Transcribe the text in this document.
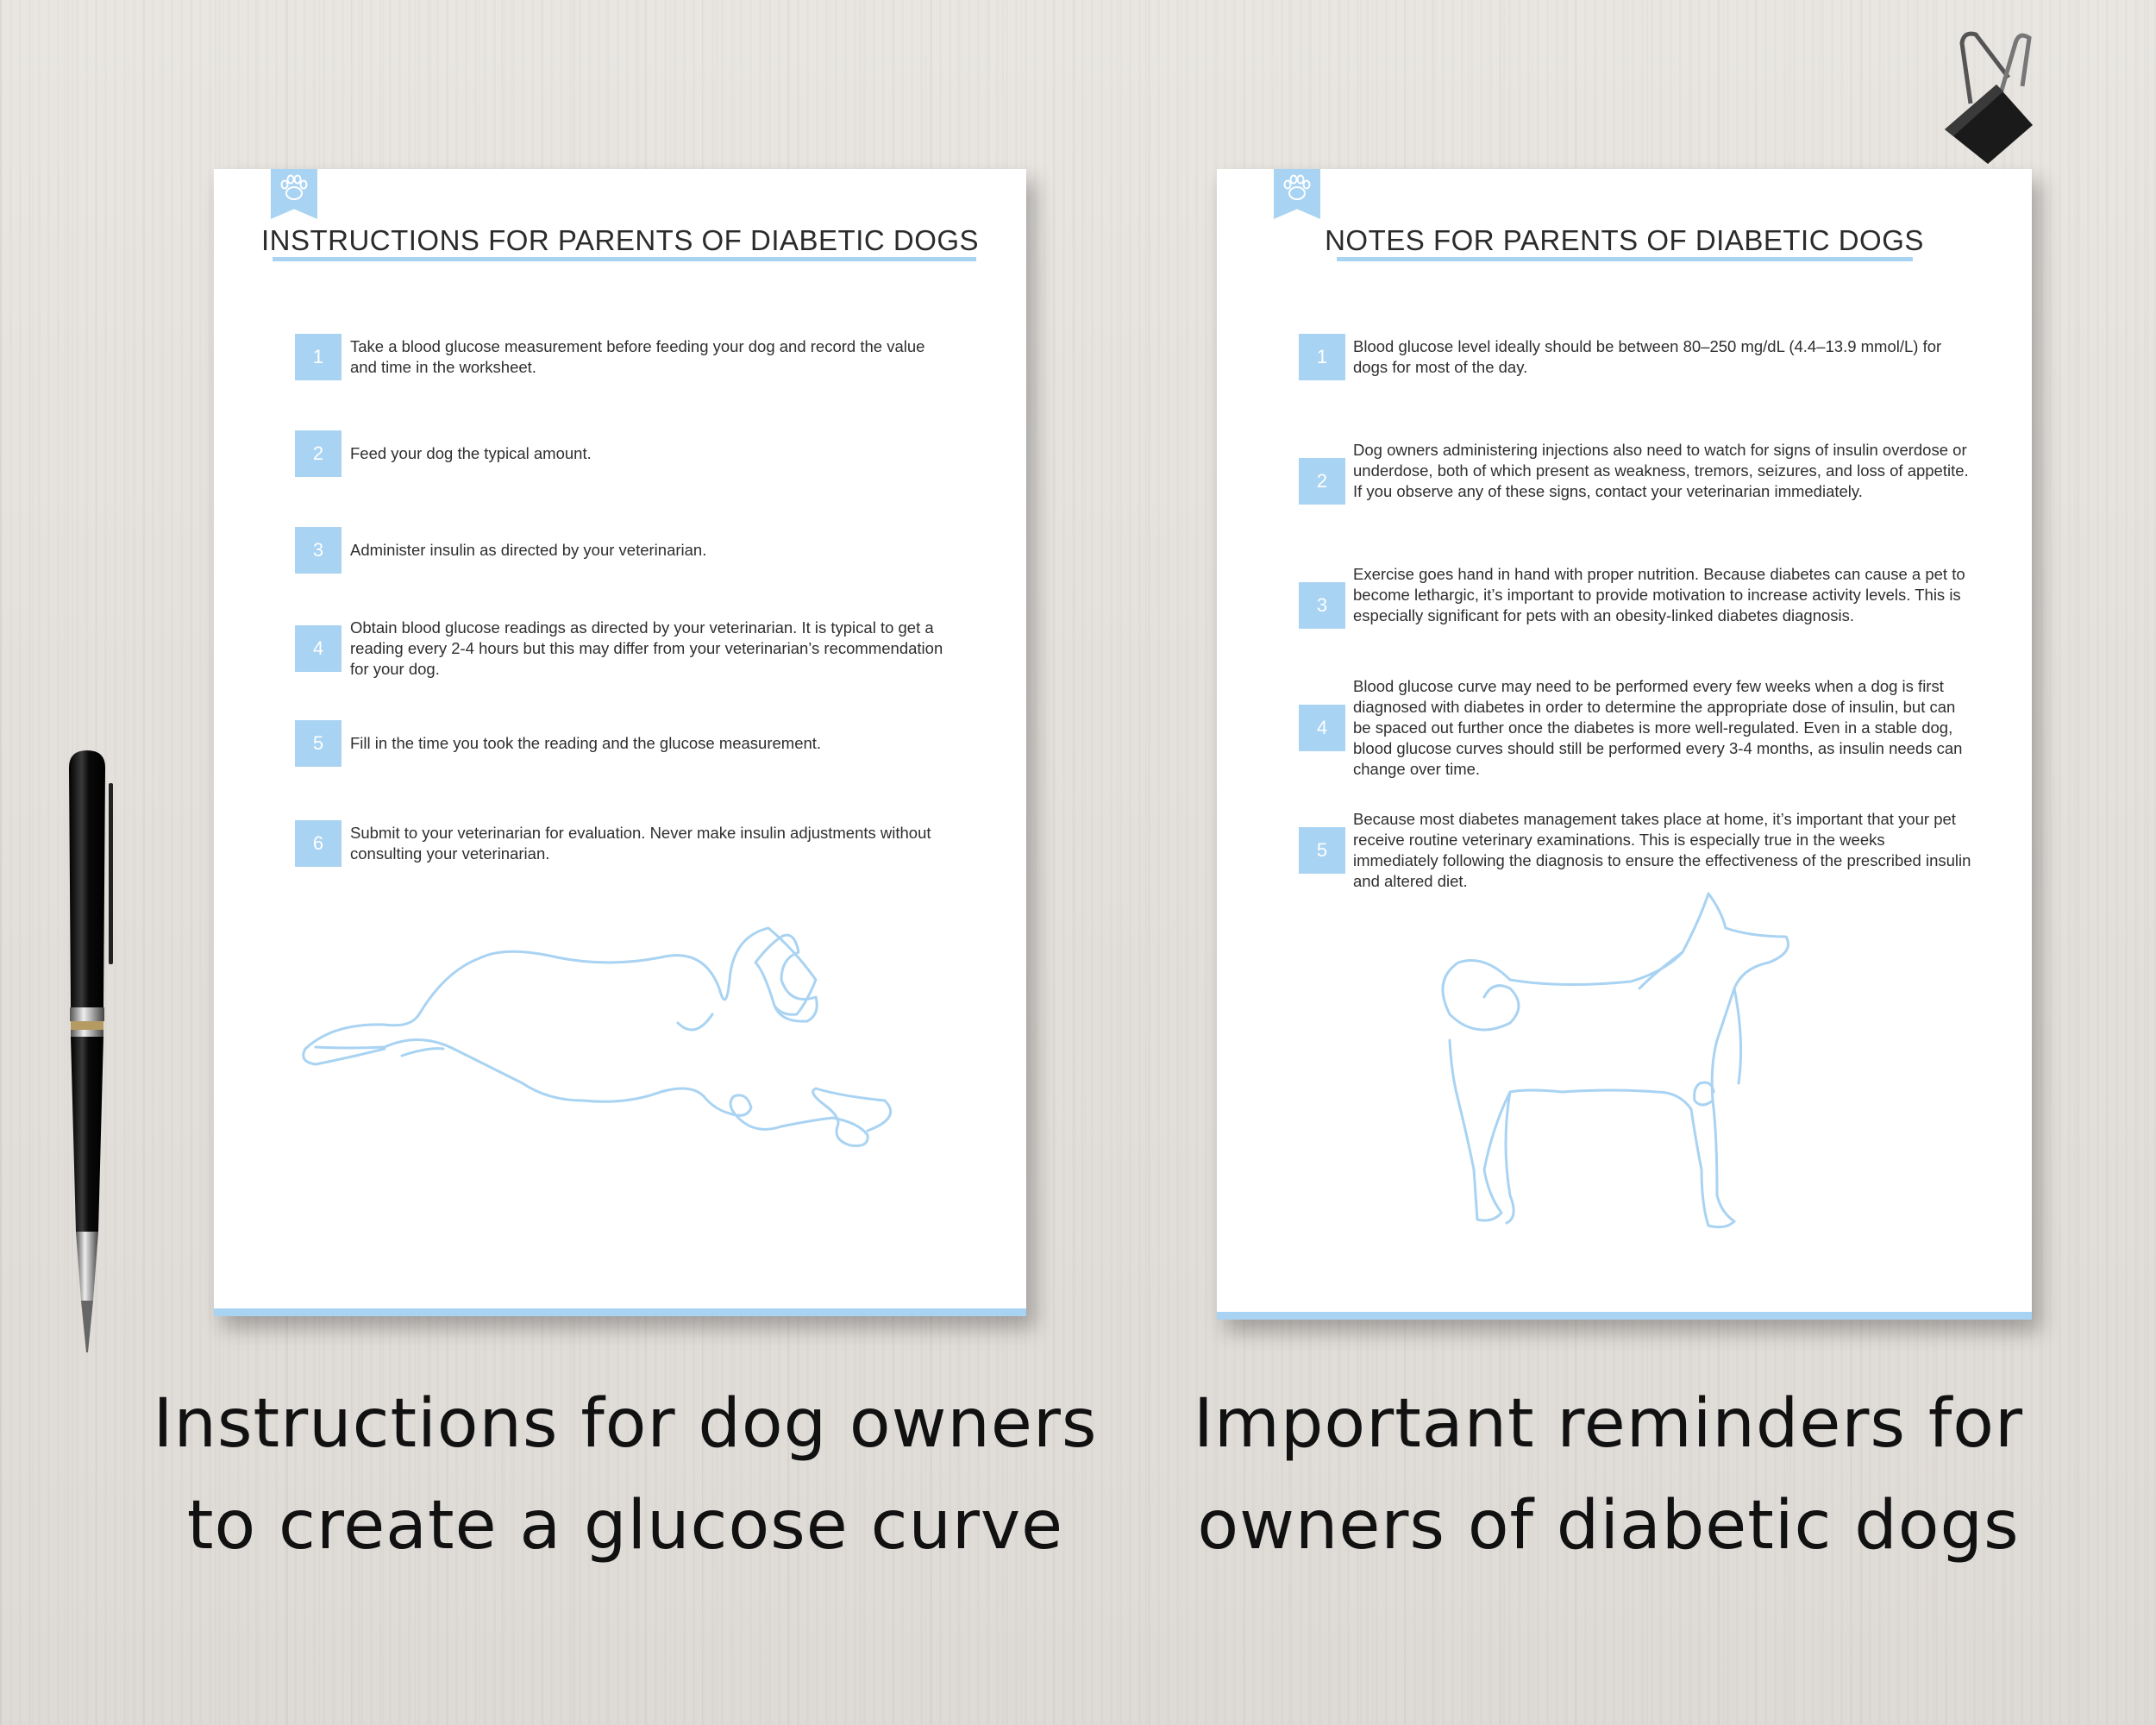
INSTRUCTIONS FOR PARENTS OF DIABETIC DOGS
1	Take a blood glucose measurement before feeding your dog and record the value and time in the worksheet.
2	Feed your dog the typical amount.
3	Administer insulin as directed by your veterinarian.
4
Obtain blood glucose readings as directed by your veterinarian. It is typical to get a reading every 2-4 hours but this may differ from your veterinarian’s recommendation for your dog.
5	Fill in the time you took the reading and the glucose measurement.
6	Submit to your veterinarian for evaluation. Never make insulin adjustments without consulting your veterinarian.
NOTES FOR PARENTS OF DIABETIC DOGS
1	Blood glucose level ideally should be between 80–250 mg/dL (4.4–13.9 mmol/L) for dogs for most of the day.
2
Dog owners administering injections also need to watch for signs of insulin overdose or underdose, both of which present as weakness, tremors, seizures, and loss of appetite. If you observe any of these signs, contact your veterinarian immediately.
3
Exercise goes hand in hand with proper nutrition. Because diabetes can cause a pet to become lethargic, it’s important to provide motivation to increase activity levels. This is especially significant for pets with an obesity-linked diabetes diagnosis.
4
Blood glucose curve may need to be performed every few weeks when a dog is first diagnosed with diabetes in order to determine the appropriate dose of insulin, but can be spaced out further once the diabetes is more well-regulated. Even in a stable dog, blood glucose curves should still be performed every 3-4 months, as insulin needs can change over time.
5
Because most diabetes management takes place at home, it’s important that your pet receive routine veterinary examinations. This is especially true in the weeks immediately following the diagnosis to ensure the effectiveness of the prescribed insulin and altered diet.
Instructions for dog owners
to create a glucose curve
Important reminders for
owners of diabetic dogs
